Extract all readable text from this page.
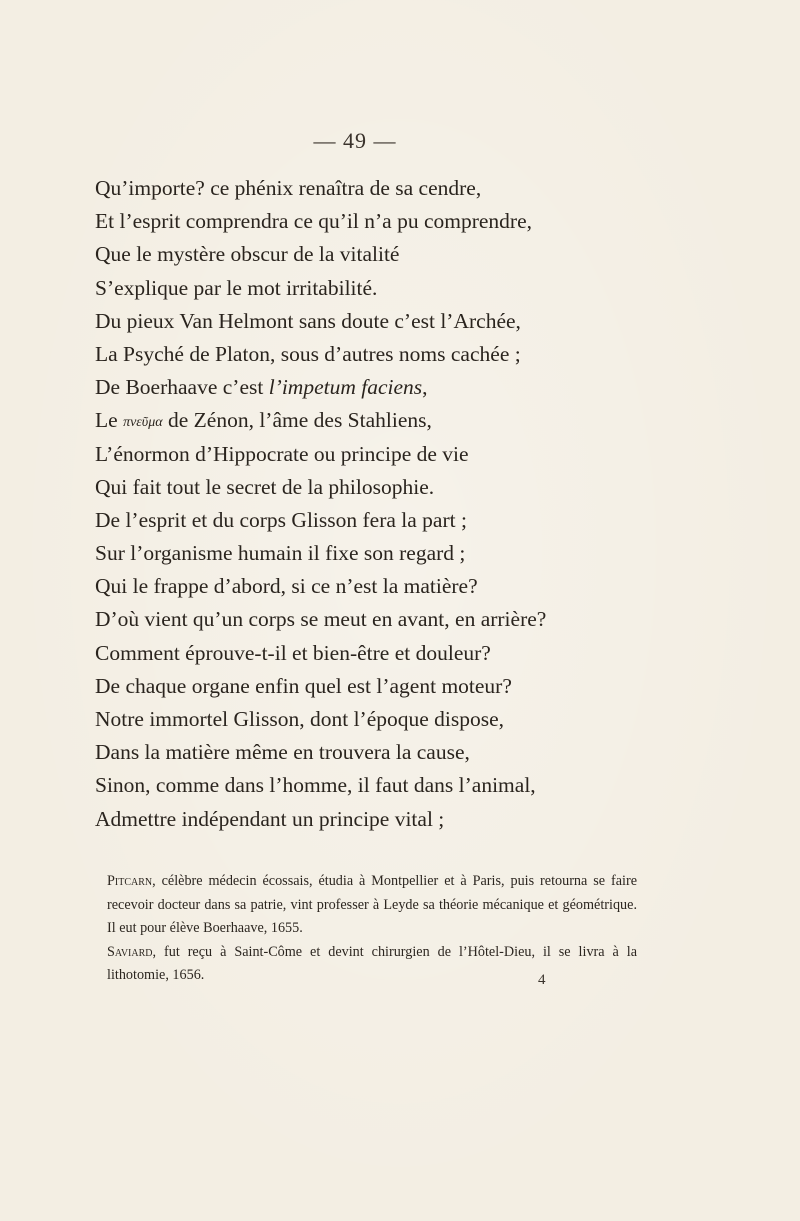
— 49 —
Qu’importe? ce phénix renaîtra de sa cendre,
Et l’esprit comprendra ce qu’il n’a pu comprendre,
Que le mystère obscur de la vitalité
S’explique par le mot irritabilité.
Du pieux Van Helmont sans doute c’est l’Archée,
La Psyché de Platon, sous d’autres noms cachée ;
De Boerhaave c’est l’impetum faciens,
Le πνεῦμα de Zénon, l’âme des Stahliens,
L’énormon d’Hippocrate ou principe de vie
Qui fait tout le secret de la philosophie.
De l’esprit et du corps Glisson fera la part ;
Sur l’organisme humain il fixe son regard ;
Qui le frappe d’abord, si ce n’est la matière?
D’où vient qu’un corps se meut en avant, en arrière?
Comment éprouve-t-il et bien-être et douleur?
De chaque organe enfin quel est l’agent moteur?
Notre immortel Glisson, dont l’époque dispose,
Dans la matière même en trouvera la cause,
Sinon, comme dans l’homme, il faut dans l’animal,
Admettre indépendant un principe vital ;

Pitcarn, célèbre médecin écossais, étudia à Montpellier et à Paris, puis retourna se faire recevoir docteur dans sa patrie, vint professer à Leyde sa théorie mécanique et géométrique. Il eut pour élève Boerhaave, 1655.

Saviard, fut reçu à Saint-Côme et devint chirurgien de l’Hôtel-Dieu, il se livra à la lithotomie, 1656.	4
